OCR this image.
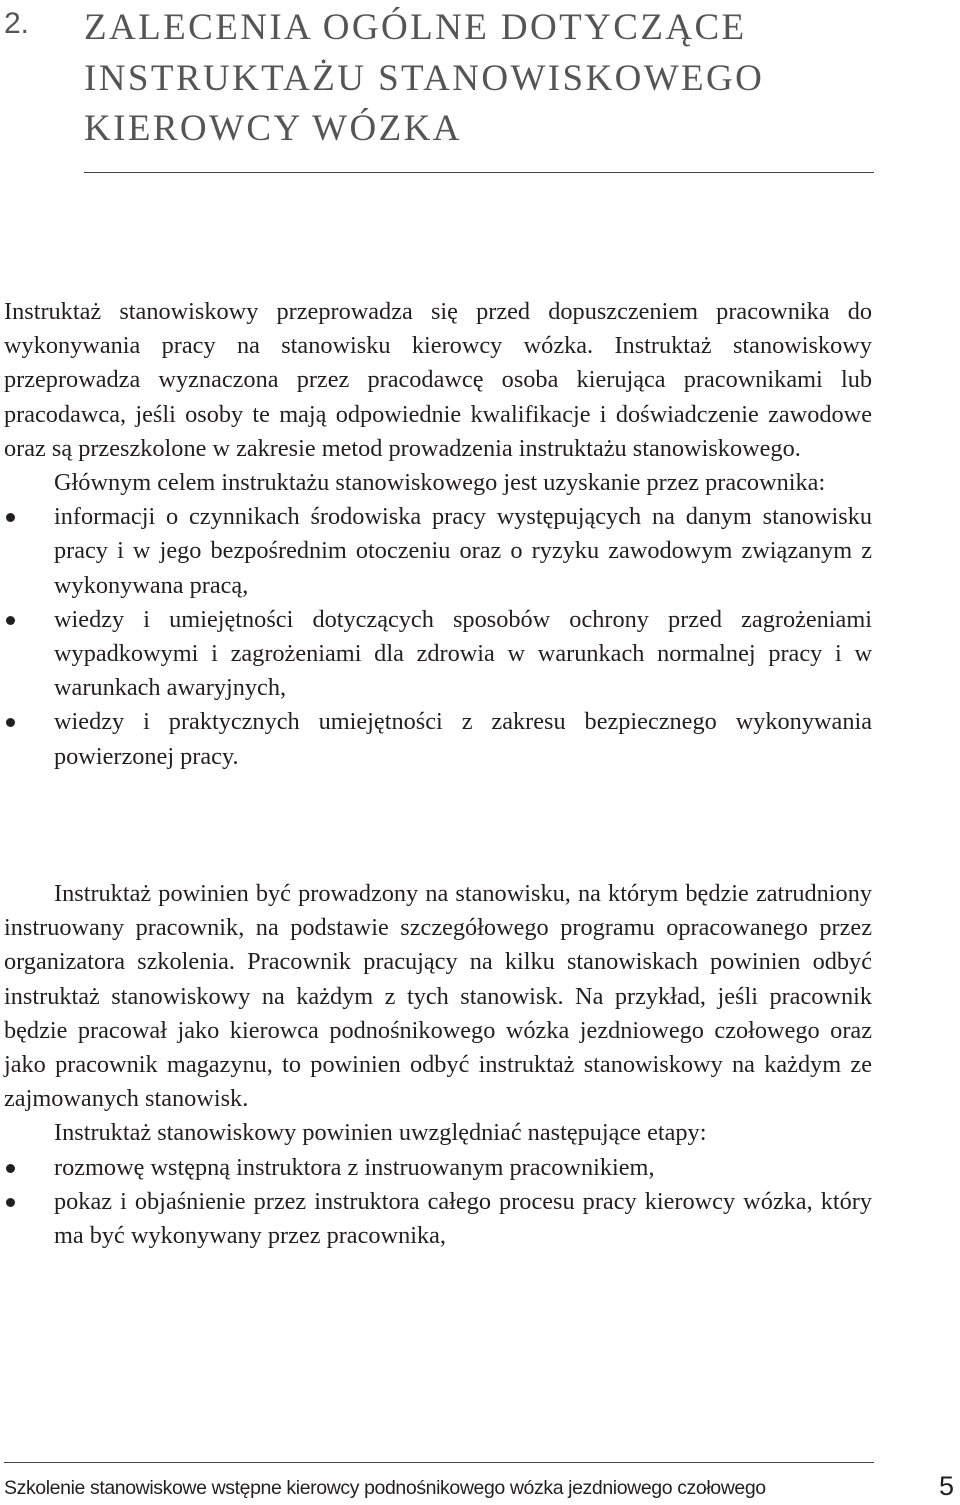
2. ZALECENIA OGÓLNE DOTYCZĄCE
INSTRUKTAŻU STANOWISKOWEGO
KIEROWCY WÓZKA

Instruktaż stanowiskowy przeprowadza się przed dopuszczeniem pracownika do wykonywania pracy na stanowisku kierowcy wózka. Instruktaż stanowiskowy przeprowadza wyznaczona przez pracodawcę osoba kierująca pracownikami lub pracodawca, jeśli osoby te mają odpowiednie kwalifikacje i doświadczenie zawodowe oraz są przeszkolone w zakresie metod prowadzenia instruktażu stanowiskowego.

Głównym celem instruktażu stanowiskowego jest uzyskanie przez pracownika:

informacji o czynnikach środowiska pracy występujących na danym stanowisku pracy i w jego bezpośrednim otoczeniu oraz o ryzyku zawodowym związanym z wykonywana pracą,
wiedzy i umiejętności dotyczących sposobów ochrony przed zagrożeniami wypadkowymi i zagrożeniami dla zdrowia w warunkach normalnej pracy i w warunkach awaryjnych,
wiedzy i praktycznych umiejętności z zakresu bezpiecznego wykonywania powierzonej pracy.

Instruktaż powinien być prowadzony na stanowisku, na którym będzie zatrudniony instruowany pracownik, na podstawie szczegółowego programu opracowanego przez organizatora szkolenia. Pracownik pracujący na kilku stanowiskach powinien odbyć instruktaż stanowiskowy na każdym z tych stanowisk. Na przykład, jeśli pracownik będzie pracował jako kierowca podnośnikowego wózka jezdniowego czołowego oraz jako pracownik magazynu, to powinien odbyć instruktaż stanowiskowy na każdym ze zajmowanych stanowisk.

Instruktaż stanowiskowy powinien uwzględniać następujące etapy:

rozmowę wstępną instruktora z instruowanym pracownikiem,
pokaz i objaśnienie przez instruktora całego procesu pracy kierowcy wózka, który ma być wykonywany przez pracownika,
Szkolenie stanowiskowe wstępne kierowcy podnośnikowego wózka jezdniowego czołowego	5
